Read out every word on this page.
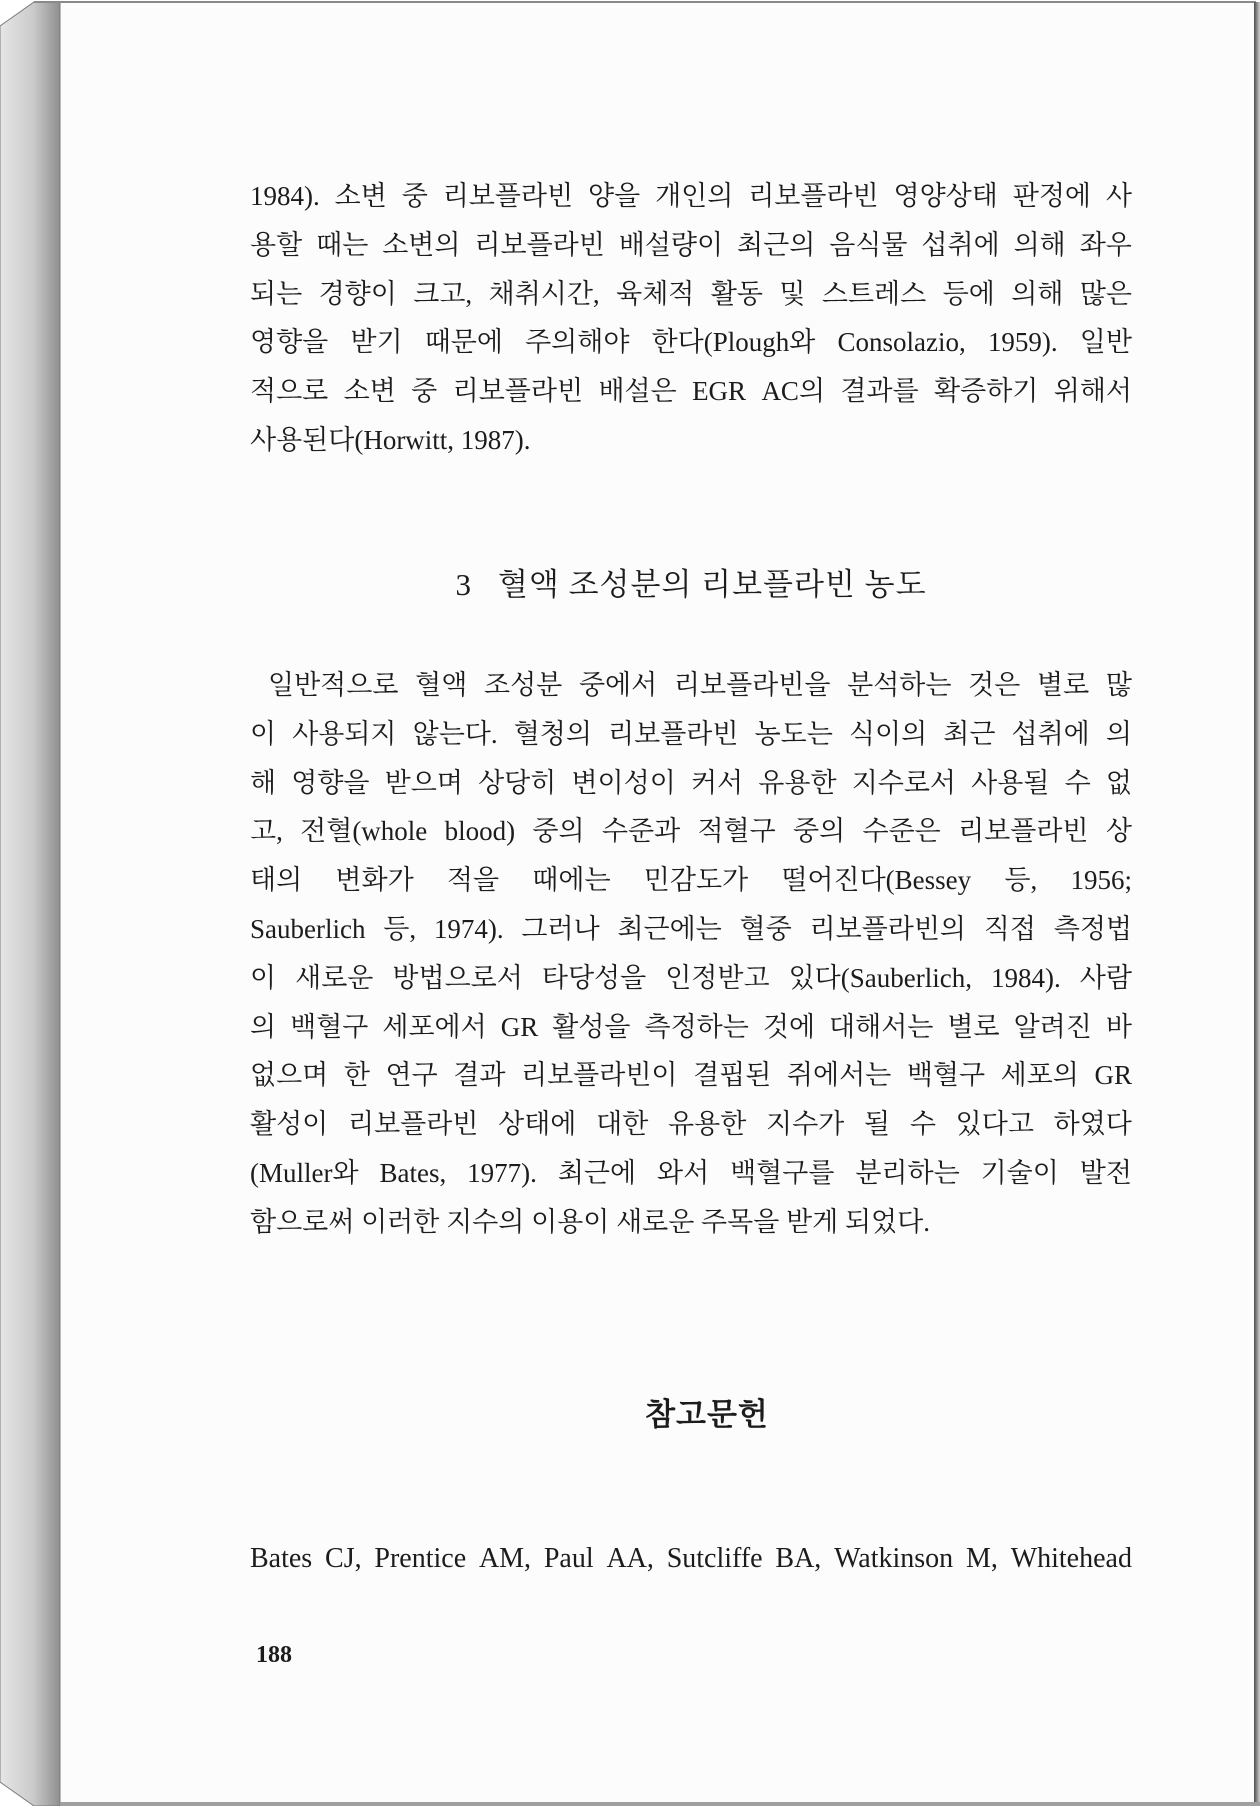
1984). 소변 중 리보플라빈 양을 개인의 리보플라빈 영양상태 판정에 사
용할 때는 소변의 리보플라빈 배설량이 최근의 음식물 섭취에 의해 좌우
되는 경향이 크고, 채취시간, 육체적 활동 및 스트레스 등에 의해 많은
영향을 받기 때문에 주의해야 한다(Plough와 Consolazio, 1959). 일반
적으로 소변 중 리보플라빈 배설은 EGR AC의 결과를 확증하기 위해서
사용된다(Horwitt, 1987).
3 혈액 조성분의 리보플라빈 농도
일반적으로 혈액 조성분 중에서 리보플라빈을 분석하는 것은 별로 많
이 사용되지 않는다. 혈청의 리보플라빈 농도는 식이의 최근 섭취에 의
해 영향을 받으며 상당히 변이성이 커서 유용한 지수로서 사용될 수 없
고, 전혈(whole blood) 중의 수준과 적혈구 중의 수준은 리보플라빈 상
태의 변화가 적을 때에는 민감도가 떨어진다(Bessey 등, 1956;
Sauberlich 등, 1974). 그러나 최근에는 혈중 리보플라빈의 직접 측정법
이 새로운 방법으로서 타당성을 인정받고 있다(Sauberlich, 1984). 사람
의 백혈구 세포에서 GR 활성을 측정하는 것에 대해서는 별로 알려진 바
없으며 한 연구 결과 리보플라빈이 결핍된 쥐에서는 백혈구 세포의 GR
활성이 리보플라빈 상태에 대한 유용한 지수가 될 수 있다고 하였다
(Muller와 Bates, 1977). 최근에 와서 백혈구를 분리하는 기술이 발전
함으로써 이러한 지수의 이용이 새로운 주목을 받게 되었다.
참고문헌
Bates CJ, Prentice AM, Paul AA, Sutcliffe BA, Watkinson M, Whitehead
188
